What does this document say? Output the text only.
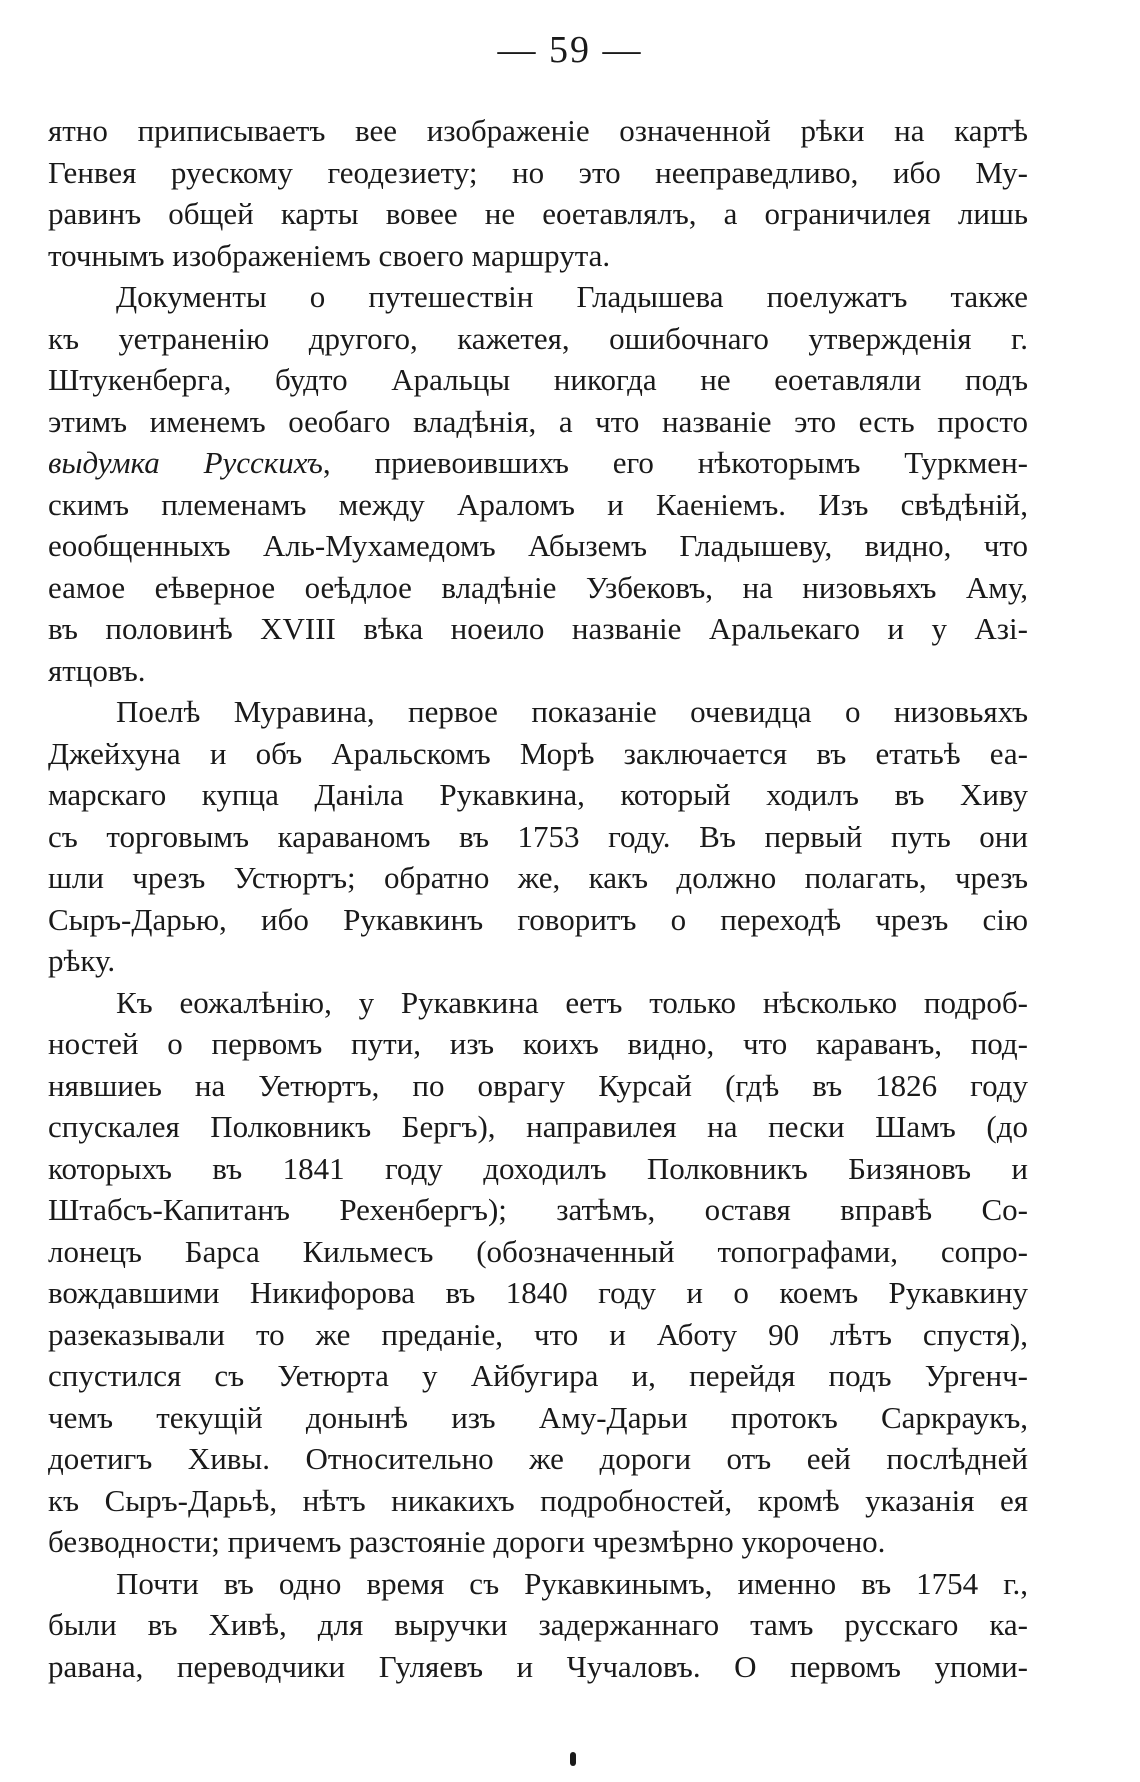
— 59 —
ятно приписываетъ вее изображеніе означенной рѣки на картѣ
Генвея руескому геодезиету; но это нееправедливо, ибо Му-
равинъ общей карты вовее не еоетавлялъ, а ограничилея лишь
точнымъ изображеніемъ своего маршрута.
Документы о путешествін Гладышева поелужатъ также
къ уетраненію другого, кажетея, ошибочнаго утвержденія г.
Штукенберга, будто Аральцы никогда не еоетавляли подъ
этимъ именемъ оеобаго владѣнія, а что названіе это есть просто
выдумка Русскихъ, приевоившихъ его нѣкоторымъ Туркмен-
скимъ племенамъ между Араломъ и Каеніемъ. Изъ свѣдѣній,
еообщенныхъ Аль-Мухамедомъ Абыземъ Гладышеву, видно, что
еамое еѣверное оеѣдлое владѣніе Узбековъ, на низовьяхъ Аму,
въ половинѣ XVIII вѣка ноеило названіе Аральекаго и у Азі-
ятцовъ.
Поелѣ Муравина, первое показаніе очевидца о низовьяхъ
Джейхуна и объ Аральскомъ Морѣ заключается въ етатьѣ еа-
марскаго купца Даніла Рукавкина, который ходилъ въ Хиву
съ торговымъ караваномъ въ 1753 году. Въ первый путь они
шли чрезъ Устюртъ; обратно же, какъ должно полагать, чрезъ
Сыръ-Дарью, ибо Рукавкинъ говоритъ о переходѣ чрезъ сію
рѣку.
Къ еожалѣнію, у Рукавкина еетъ только нѣсколько подроб-
ностей о первомъ пути, изъ коихъ видно, что караванъ, под-
нявшиеь на Уетюртъ, по оврагу Курсай (гдѣ въ 1826 году
спускалея Полковникъ Бергъ), направилея на пески Шамъ (до
которыхъ въ 1841 году доходилъ Полковникъ Бизяновъ и
Штабсъ-Капитанъ Рехенбергъ); затѣмъ, оставя вправѣ Со-
лонецъ Барса Кильмесъ (обозначенный топографами, сопро-
вождавшими Никифорова въ 1840 году и о коемъ Рукавкину
разеказывали то же преданіе, что и Аботу 90 лѣтъ спустя),
спустился съ Уетюрта у Айбугира и, перейдя подъ Ургенч-
чемъ текущій донынѣ изъ Аму-Дарьи протокъ Саркраукъ,
доетигъ Хивы. Относительно же дороги отъ еей послѣдней
къ Сыръ-Дарьѣ, нѣтъ никакихъ подробностей, кромѣ указанія ея
безводности; причемъ разстояніе дороги чрезмѣрно укорочено.
Почти въ одно время съ Рукавкинымъ, именно въ 1754 г.,
были въ Хивѣ, для выручки задержаннаго тамъ русскаго ка-
равана, переводчики Гуляевъ и Чучаловъ. О первомъ упоми-
